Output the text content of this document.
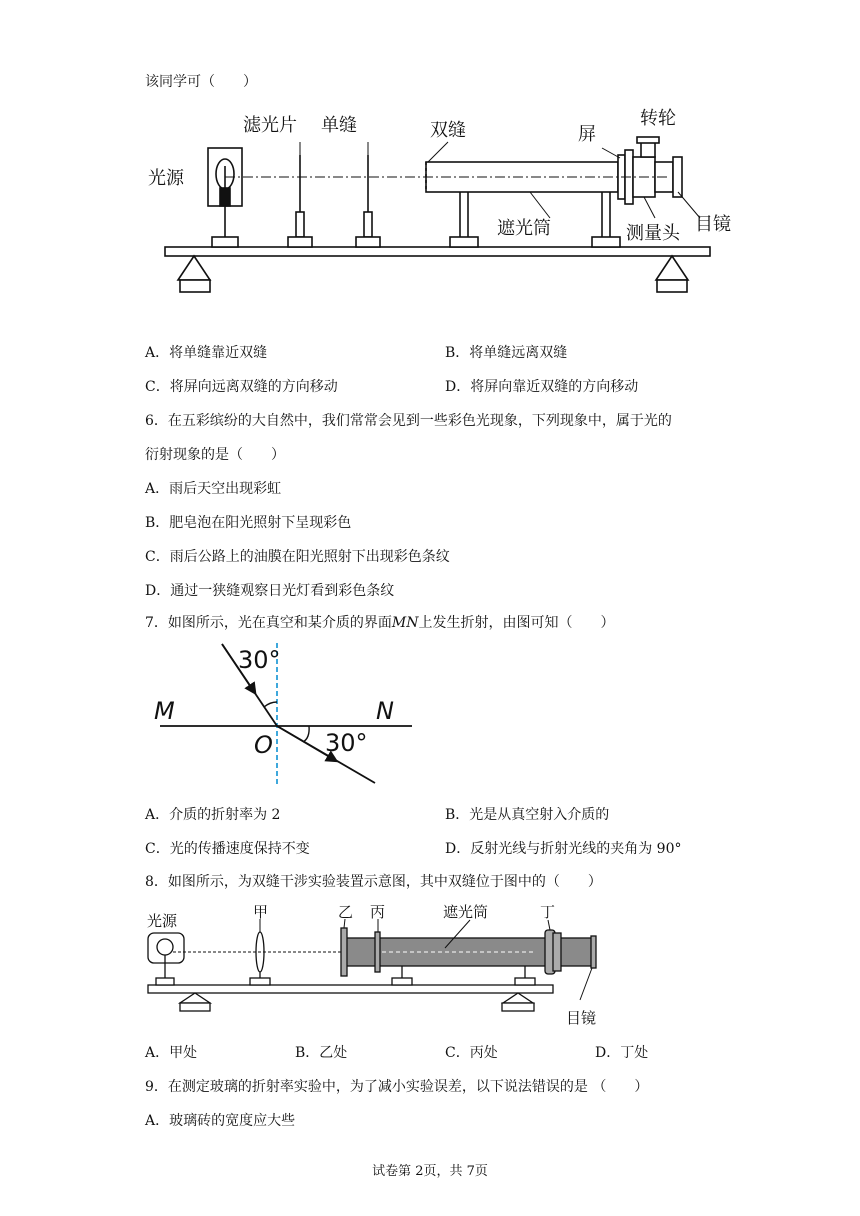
该同学可（　　）
光源
滤光片 单缝	双缝	屏
转轮
遮光筒	测量头 目镜
A．将单缝靠近双缝	B．将单缝远离双缝
C．将屏向远离双缝的方向移动	D．将屏向靠近双缝的方向移动
6．在五彩缤纷的大自然中，我们常常会见到一些彩色光现象，下列现象中，属于光的
衍射现象的是（　　）
A．雨后天空出现彩虹
B．肥皂泡在阳光照射下呈现彩色
C．雨后公路上的油膜在阳光照射下出现彩色条纹
D．通过一狭缝观察日光灯看到彩色条纹
7．如图所示，光在真空和某介质的界面MN上发生折射，由图可知（　　）
30°
30°
M	N
O
A．介质的折射率为 2	B．光是从真空射入介质的
C．光的传播速度保持不变	D．反射光线与折射光线的夹角为 90°
8．如图所示，为双缝干涉实验装置示意图，其中双缝位于图中的（　　）
光源	甲	乙 丙	遮光筒	丁
目镜
A．甲处	B．乙处	C．丙处	D．丁处
9．在测定玻璃的折射率实验中，为了减小实验误差，以下说法错误的是 （　　）
A．玻璃砖的宽度应大些
试卷第 2页，共 7页
